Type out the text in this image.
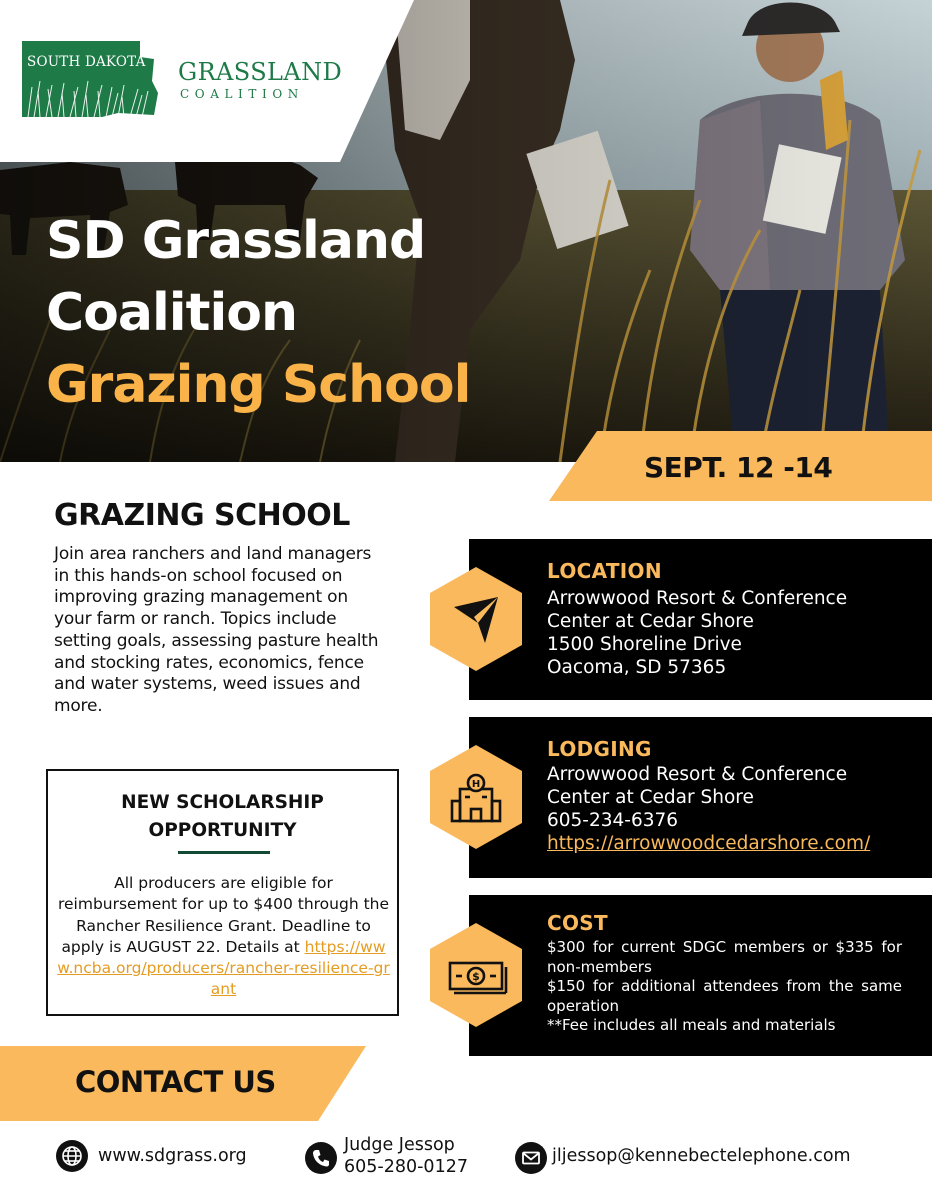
SOUTH DAKOTA GRASSLAND
COALITION
SD Grassland
Coalition
Grazing School
SEPT. 12 -14
GRAZING SCHOOL

Join area ranchers and land managers in this hands-on school focused on improving grazing management on your farm or ranch. Topics include setting goals, assessing pasture health and stocking rates, economics, fence and water systems, weed issues and more.

NEW SCHOLARSHIP
OPPORTUNITY
All producers are eligible for reimbursement for up to $400 through the Rancher Resilience Grant. Deadline to apply is AUGUST 22. Details at https://www.ncba.org/producers/rancher-resilience-grant
LOCATION
Arrowwood Resort & Conference
Center at Cedar Shore
1500 Shoreline Drive
Oacoma, SD 57365
LODGING
Arrowwood Resort & Conference
Center at Cedar Shore
605-234-6376
https://arrowwoodcedarshore.com/
H
COST
$300 for current SDGC members or $335 for non-members
$150 for additional attendees from the same operation
**Fee includes all meals and materials
$
CONTACT US
www.sdgrass.org
Judge Jessop
605-280-0127
jljessop@kennebectelephone.com
